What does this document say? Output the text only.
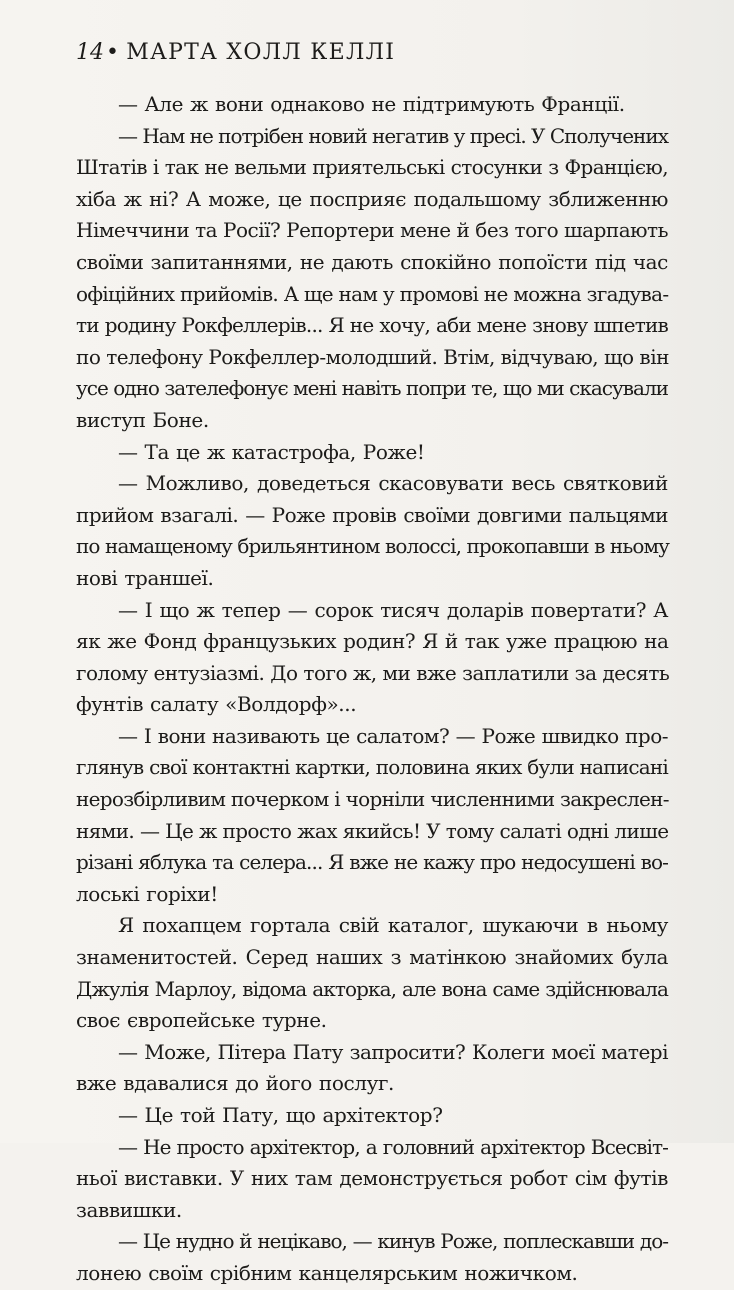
14• МАРТА ХОЛЛ КЕЛЛІ
— Але ж вони однаково не підтримують Франції.
— Нам не потрібен новий негатив у пресі. У Сполучених
Штатів і так не вельми приятельські стосунки з Францією,
хіба ж ні? А може, це посприяє подальшому зближенню
Німеччини та Росії? Репортери мене й без того шарпають
своїми запитаннями, не дають спокійно попоїсти під час
офіційних прийомів. А ще нам у промові не можна згадува-
ти родину Рокфеллерів... Я не хочу, аби мене знову шпетив
по телефону Рокфеллер-молодший. Втім, відчуваю, що він
усе одно зателефонує мені навіть попри те, що ми скасували
виступ Боне.
— Та це ж катастрофа, Роже!
— Можливо, доведеться скасовувати весь святковий
прийом взагалі. — Роже провів своїми довгими пальцями
по намащеному брильянтином волоссі, прокопавши в ньому
нові траншеї.
— І що ж тепер — сорок тисяч доларів повертати? А
як же Фонд французьких родин? Я й так уже працюю на
голому ентузіазмі. До того ж, ми вже заплатили за десять
фунтів салату «Волдорф»...
— І вони називають це салатом? — Роже швидко про-
глянув свої контактні картки, половина яких були написані
нерозбірливим почерком і чорніли численними закреслен-
нями. — Це ж просто жах якийсь! У тому салаті одні лише
різані яблука та селера... Я вже не кажу про недосушені во-
лоські горіхи!
Я похапцем гортала свій каталог, шукаючи в ньому
знаменитостей. Серед наших з матінкою знайомих була
Джулія Марлоу, відома акторка, але вона саме здійснювала
своє європейське турне.
— Може, Пітера Пату запросити? Колеги моєї матері
вже вдавалися до його послуг.
— Це той Пату, що архітектор?
— Не просто архітектор, а головний архітектор Всесвіт-
ньої виставки. У них там демонструється робот сім футів
заввишки.
— Це нудно й нецікаво, — кинув Роже, поплескавши до-
лонею своїм срібним канцелярським ножичком.
